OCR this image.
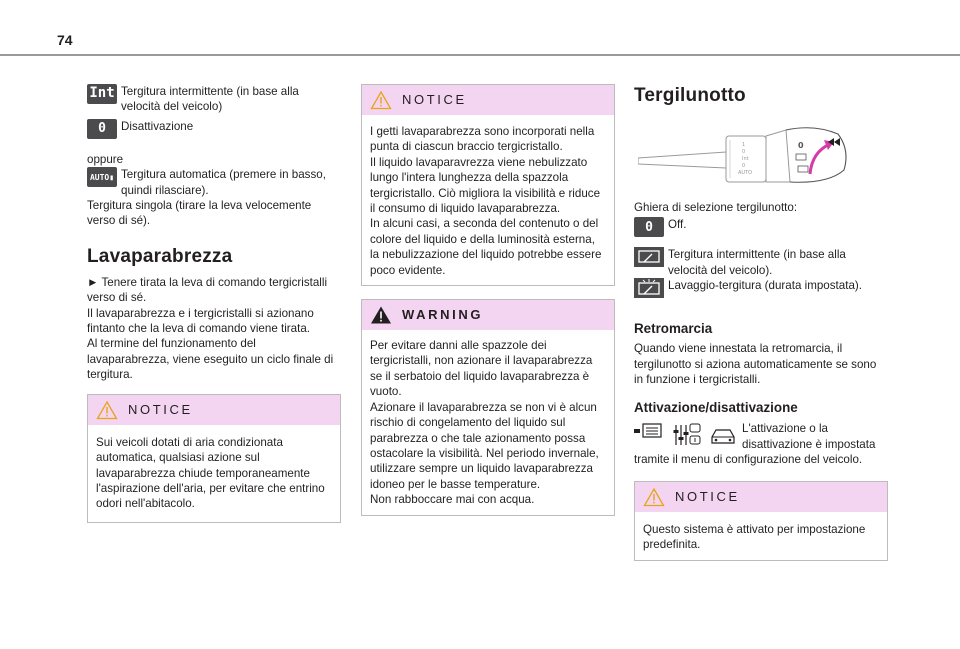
74
Int Tergitura intermittente (in base alla velocità del veicolo)

0	Disattivazione

oppure

AUTO ▮ Tergitura automatica (premere in basso, quindi rilasciare).

Tergitura singola (tirare la leva velocemente verso di sé).

Lavaparabrezza

► Tenere tirata la leva di comando tergicristalli verso di sé.

Il lavaparabrezza e i tergicristalli si azionano fintanto che la leva di comando viene tirata.

Al termine del funzionamento del lavaparabrezza, viene eseguito un ciclo finale di tergitura.

NOTICE

Sui veicoli dotati di aria condizionata automatica, qualsiasi azione sul lavaparabrezza chiude temporaneamente l'aspirazione dell'aria, per evitare che entrino odori nell'abitacolo.

NOTICE

I getti lavaparabrezza sono incorporati nella punta di ciascun braccio tergicristallo.

Il liquido lavaparavrezza viene nebulizzato lungo l'intera lunghezza della spazzola tergicristallo. Ciò migliora la visibilità e riduce il consumo di liquido lavaparabrezza.

In alcuni casi, a seconda del contenuto o del colore del liquido e della luminosità esterna, la nebulizzazione del liquido potrebbe essere poco evidente.

WARNING

Per evitare danni alle spazzole dei tergicristalli, non azionare il lavaparabrezza se il serbatoio del liquido lavaparabrezza è vuoto.

Azionare il lavaparabrezza se non vi è alcun rischio di congelamento del liquido sul parabrezza o che tale azionamento possa ostacolare la visibilità. Nel periodo invernale, utilizzare sempre un liquido lavaparabrezza idoneo per le basse temperature.

Non rabboccare mai con acqua.

Tergilunotto
1
0
Int
0
AUTO
0

Ghiera di selezione tergilunotto:

0	Off.

Tergitura intermittente (in base alla velocità del veicolo).

Lavaggio-tergitura (durata impostata).

Retromarcia

Quando viene innestata la retromarcia, il tergilunotto si aziona automaticamente se sono in funzione i tergicristalli.

Attivazione/disattivazione

L'attivazione o la disattivazione è impostata

tramite il menu di configurazione del veicolo.

NOTICE

Questo sistema è attivato per impostazione predefinita.
